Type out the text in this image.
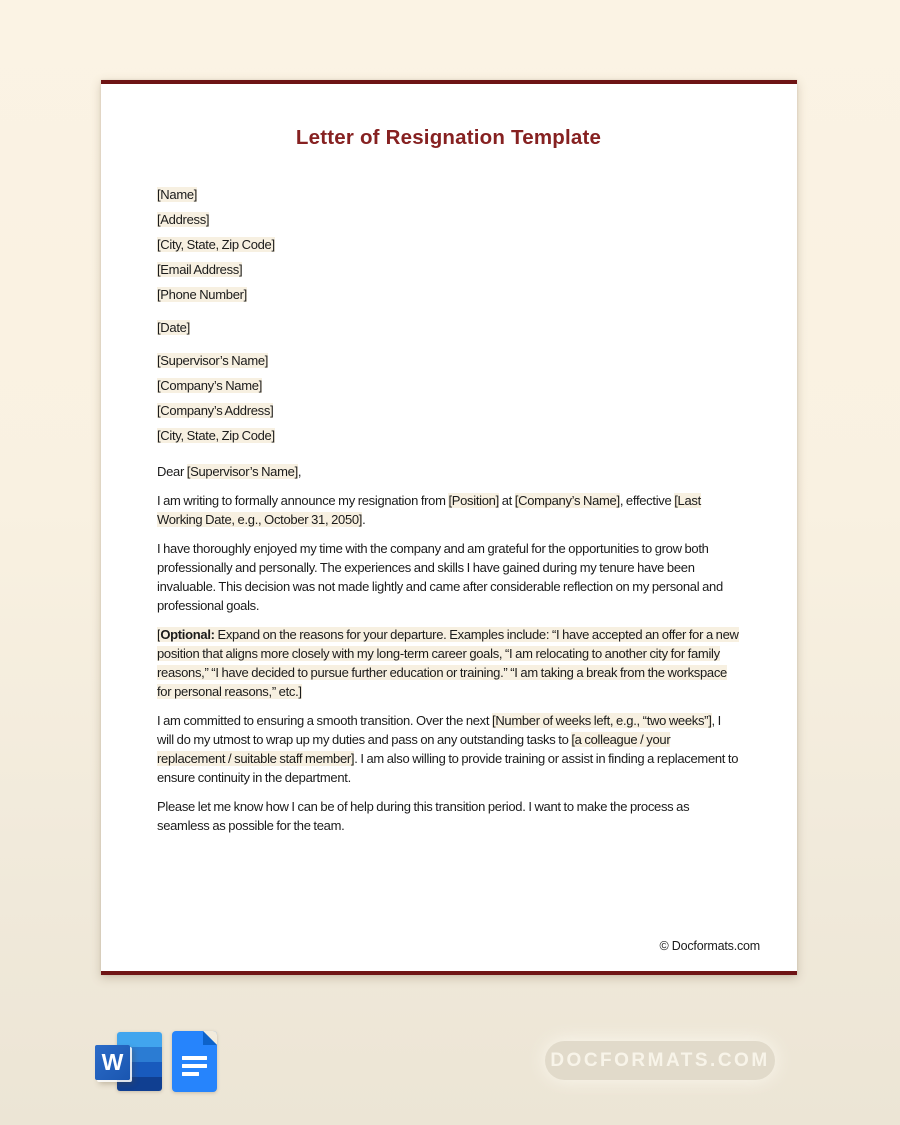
Letter of Resignation Template

[Name]

[Address]

[City, State, Zip Code]

[Email Address]

[Phone Number]

[Date]

[Supervisor’s Name]

[Company’s Name]

[Company’s Address]

[City, State, Zip Code]

Dear [Supervisor’s Name],

I am writing to formally announce my resignation from [Position] at [Company’s Name], effective [Last Working Date, e.g., October 31, 2050].

I have thoroughly enjoyed my time with the company and am grateful for the opportunities to grow both professionally and personally. The experiences and skills I have gained during my tenure have been invaluable. This decision was not made lightly and came after considerable reflection on my personal and professional goals.

[Optional: Expand on the reasons for your departure. Examples include: “I have accepted an offer for a new position that aligns more closely with my long-term career goals, “I am relocating to another city for family reasons,” “I have decided to pursue further education or training.” “I am taking a break from the workspace for personal reasons,” etc.]

I am committed to ensuring a smooth transition. Over the next [Number of weeks left, e.g., “two weeks”], I will do my utmost to wrap up my duties and pass on any outstanding tasks to [a colleague / your replacement / suitable staff member]. I am also willing to provide training or assist in finding a replacement to ensure continuity in the department.

Please let me know how I can be of help during this transition period. I want to make the process as seamless as possible for the team.

© Docformats.com
W	DOCFORMATS.COM
